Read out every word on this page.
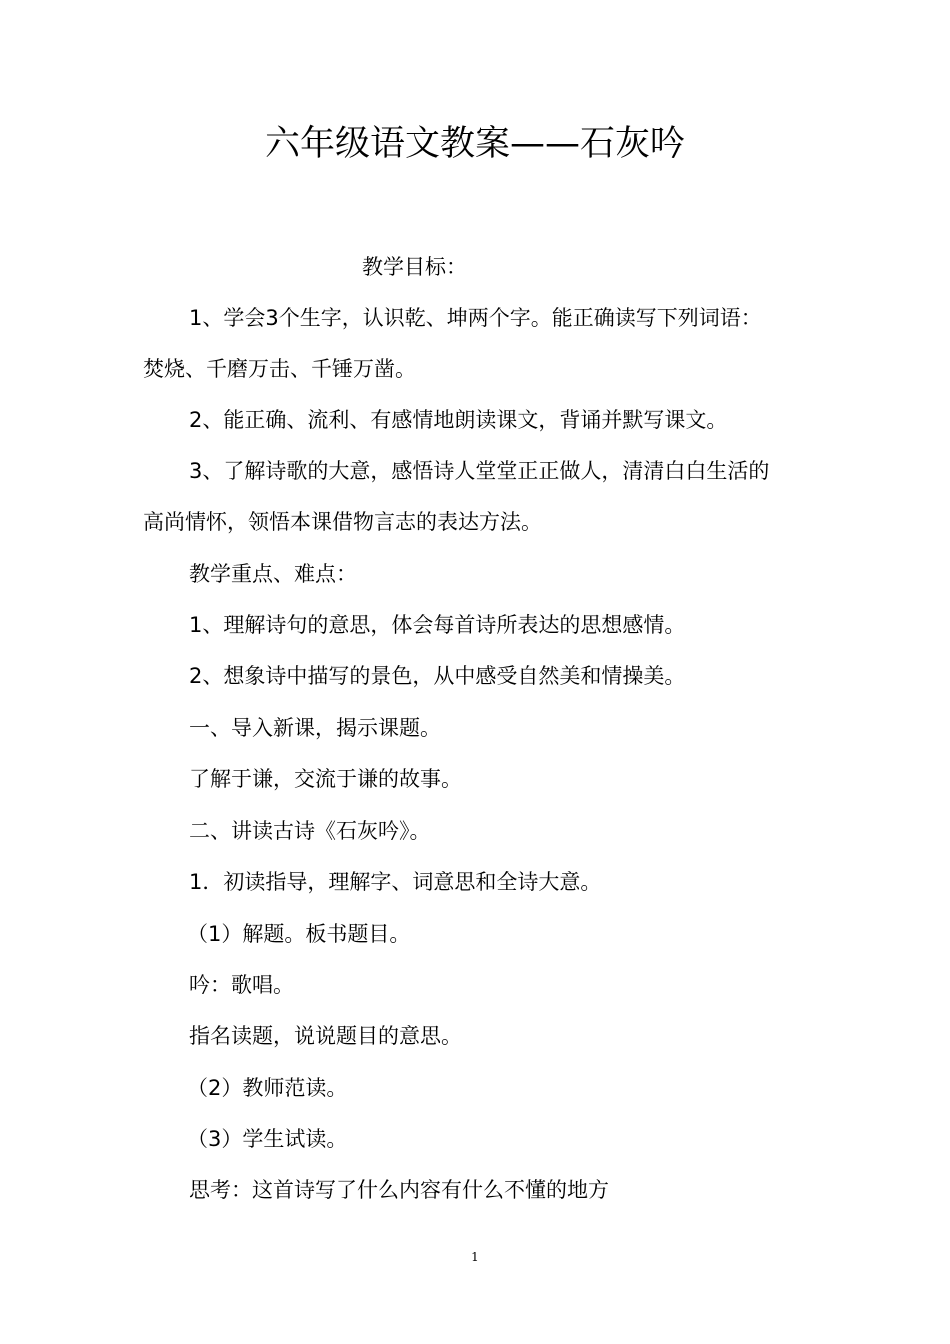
六年级语文教案——石灰吟

教学目标：

1、学会3个生字，认识乾、坤两个字。能正确读写下列词语：

焚烧、千磨万击、千锤万凿。

2、能正确、流利、有感情地朗读课文，背诵并默写课文。

3、了解诗歌的大意，感悟诗人堂堂正正做人，清清白白生活的

高尚情怀，领悟本课借物言志的表达方法。

教学重点、难点：

1、理解诗句的意思，体会每首诗所表达的思想感情。

2、想象诗中描写的景色，从中感受自然美和情操美。

一、导入新课，揭示课题。

了解于谦，交流于谦的故事。

二、讲读古诗《石灰吟》。

1．初读指导，理解字、词意思和全诗大意。

（1）解题。板书题目。

吟：歌唱。

指名读题，说说题目的意思。

（2）教师范读。

（3）学生试读。

思考：这首诗写了什么内容有什么不懂的地方

1
